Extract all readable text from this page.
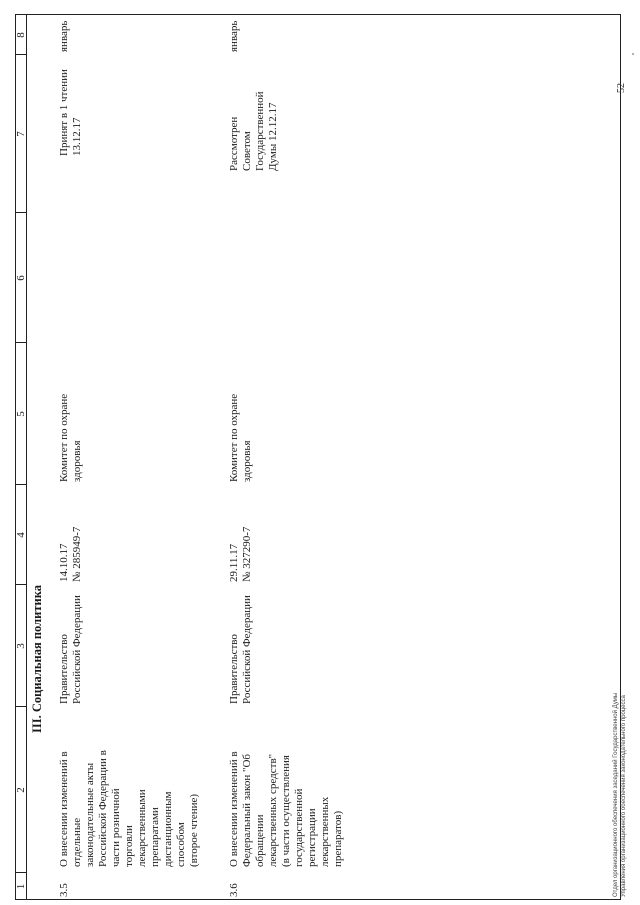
1
2
3
4
5
6
7
8
III. Социальная политика
3.5
О внесении изменений в
отдельные
законодательные акты
Российской Федерации в
части розничной
торговли
лекарственными
препаратами
дистанционным
способом
(второе чтение)
Правительство
Российской Федерации
14.10.17
№ 285949-7
Комитет по охране
здоровья
Принят в 1 чтении
13.12.17
январь
3.6
О внесении изменений в
Федеральный закон "Об
обращении
лекарственных средств"
(в части осуществления
государственной
регистрации
лекарственных
препаратов)
Правительство
Российской Федерации
29.11.17
№ 327290-7
Комитет по охране
здоровья
Рассмотрен
Советом
Государственной
Думы 12.12.17
январь
Отдел организационного обеспечения заседаний Государственной Думы Управления организационного обеспечения законодательного процесса
52
